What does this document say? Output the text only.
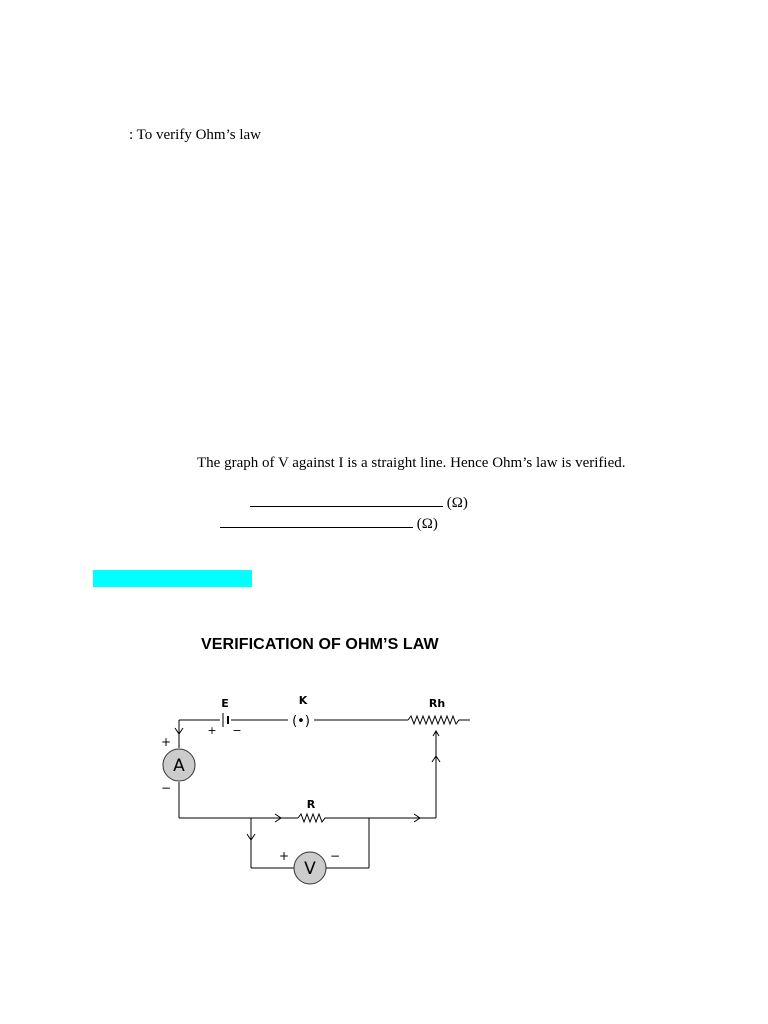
: To verify Ohm’s law
The graph of V against I is a straight line. Hence Ohm’s law is verified.
(Ω)
(Ω)
VERIFICATION OF OHM’S LAW
A
V
(•)
E	K	Rh
R
+ −
+
−
+	−
